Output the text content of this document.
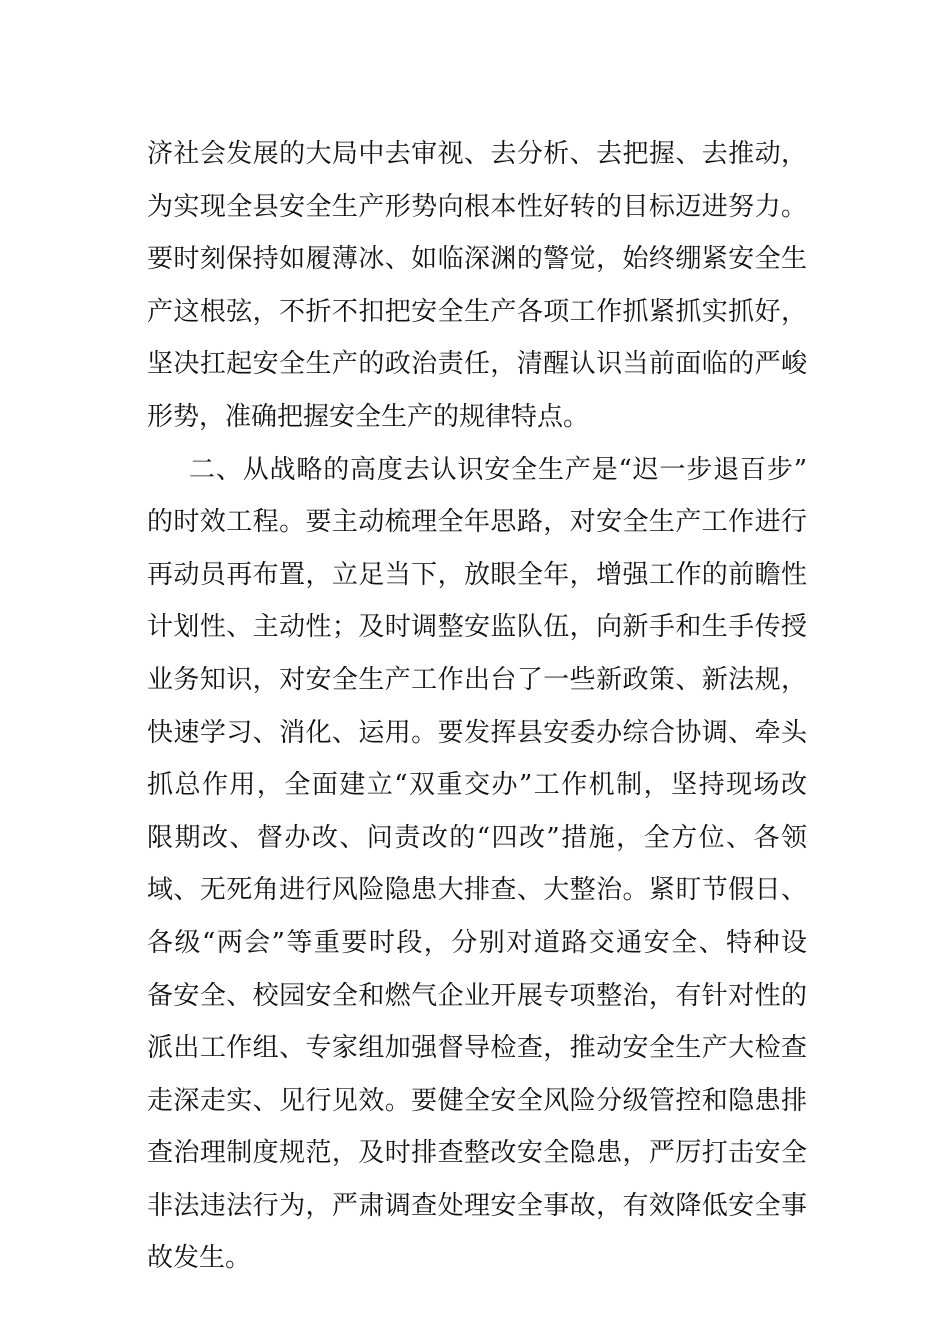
济社会发展的大局中去审视、去分析、去把握、去推动，
为实现全县安全生产形势向根本性好转的目标迈进努力。
要时刻保持如履薄冰、如临深渊的警觉，始终绷紧安全生
产这根弦，不折不扣把安全生产各项工作抓紧抓实抓好，
坚决扛起安全生产的政治责任，清醒认识当前面临的严峻
形势，准确把握安全生产的规律特点。
二、从战略的高度去认识安全生产是“迟一步退百步”
的时效工程。要主动梳理全年思路，对安全生产工作进行
再动员再布置，立足当下，放眼全年，增强工作的前瞻性
计划性、主动性；及时调整安监队伍，向新手和生手传授
业务知识，对安全生产工作出台了一些新政策、新法规，
快速学习、消化、运用。要发挥县安委办综合协调、牵头
抓总作用，全面建立“双重交办”工作机制，坚持现场改
限期改、督办改、问责改的“四改”措施，全方位、各领
域、无死角进行风险隐患大排查、大整治。紧盯节假日、
各级“两会”等重要时段，分别对道路交通安全、特种设
备安全、校园安全和燃气企业开展专项整治，有针对性的
派出工作组、专家组加强督导检查，推动安全生产大检查
走深走实、见行见效。要健全安全风险分级管控和隐患排
查治理制度规范，及时排查整改安全隐患，严厉打击安全
非法违法行为，严肃调查处理安全事故，有效降低安全事
故发生。
